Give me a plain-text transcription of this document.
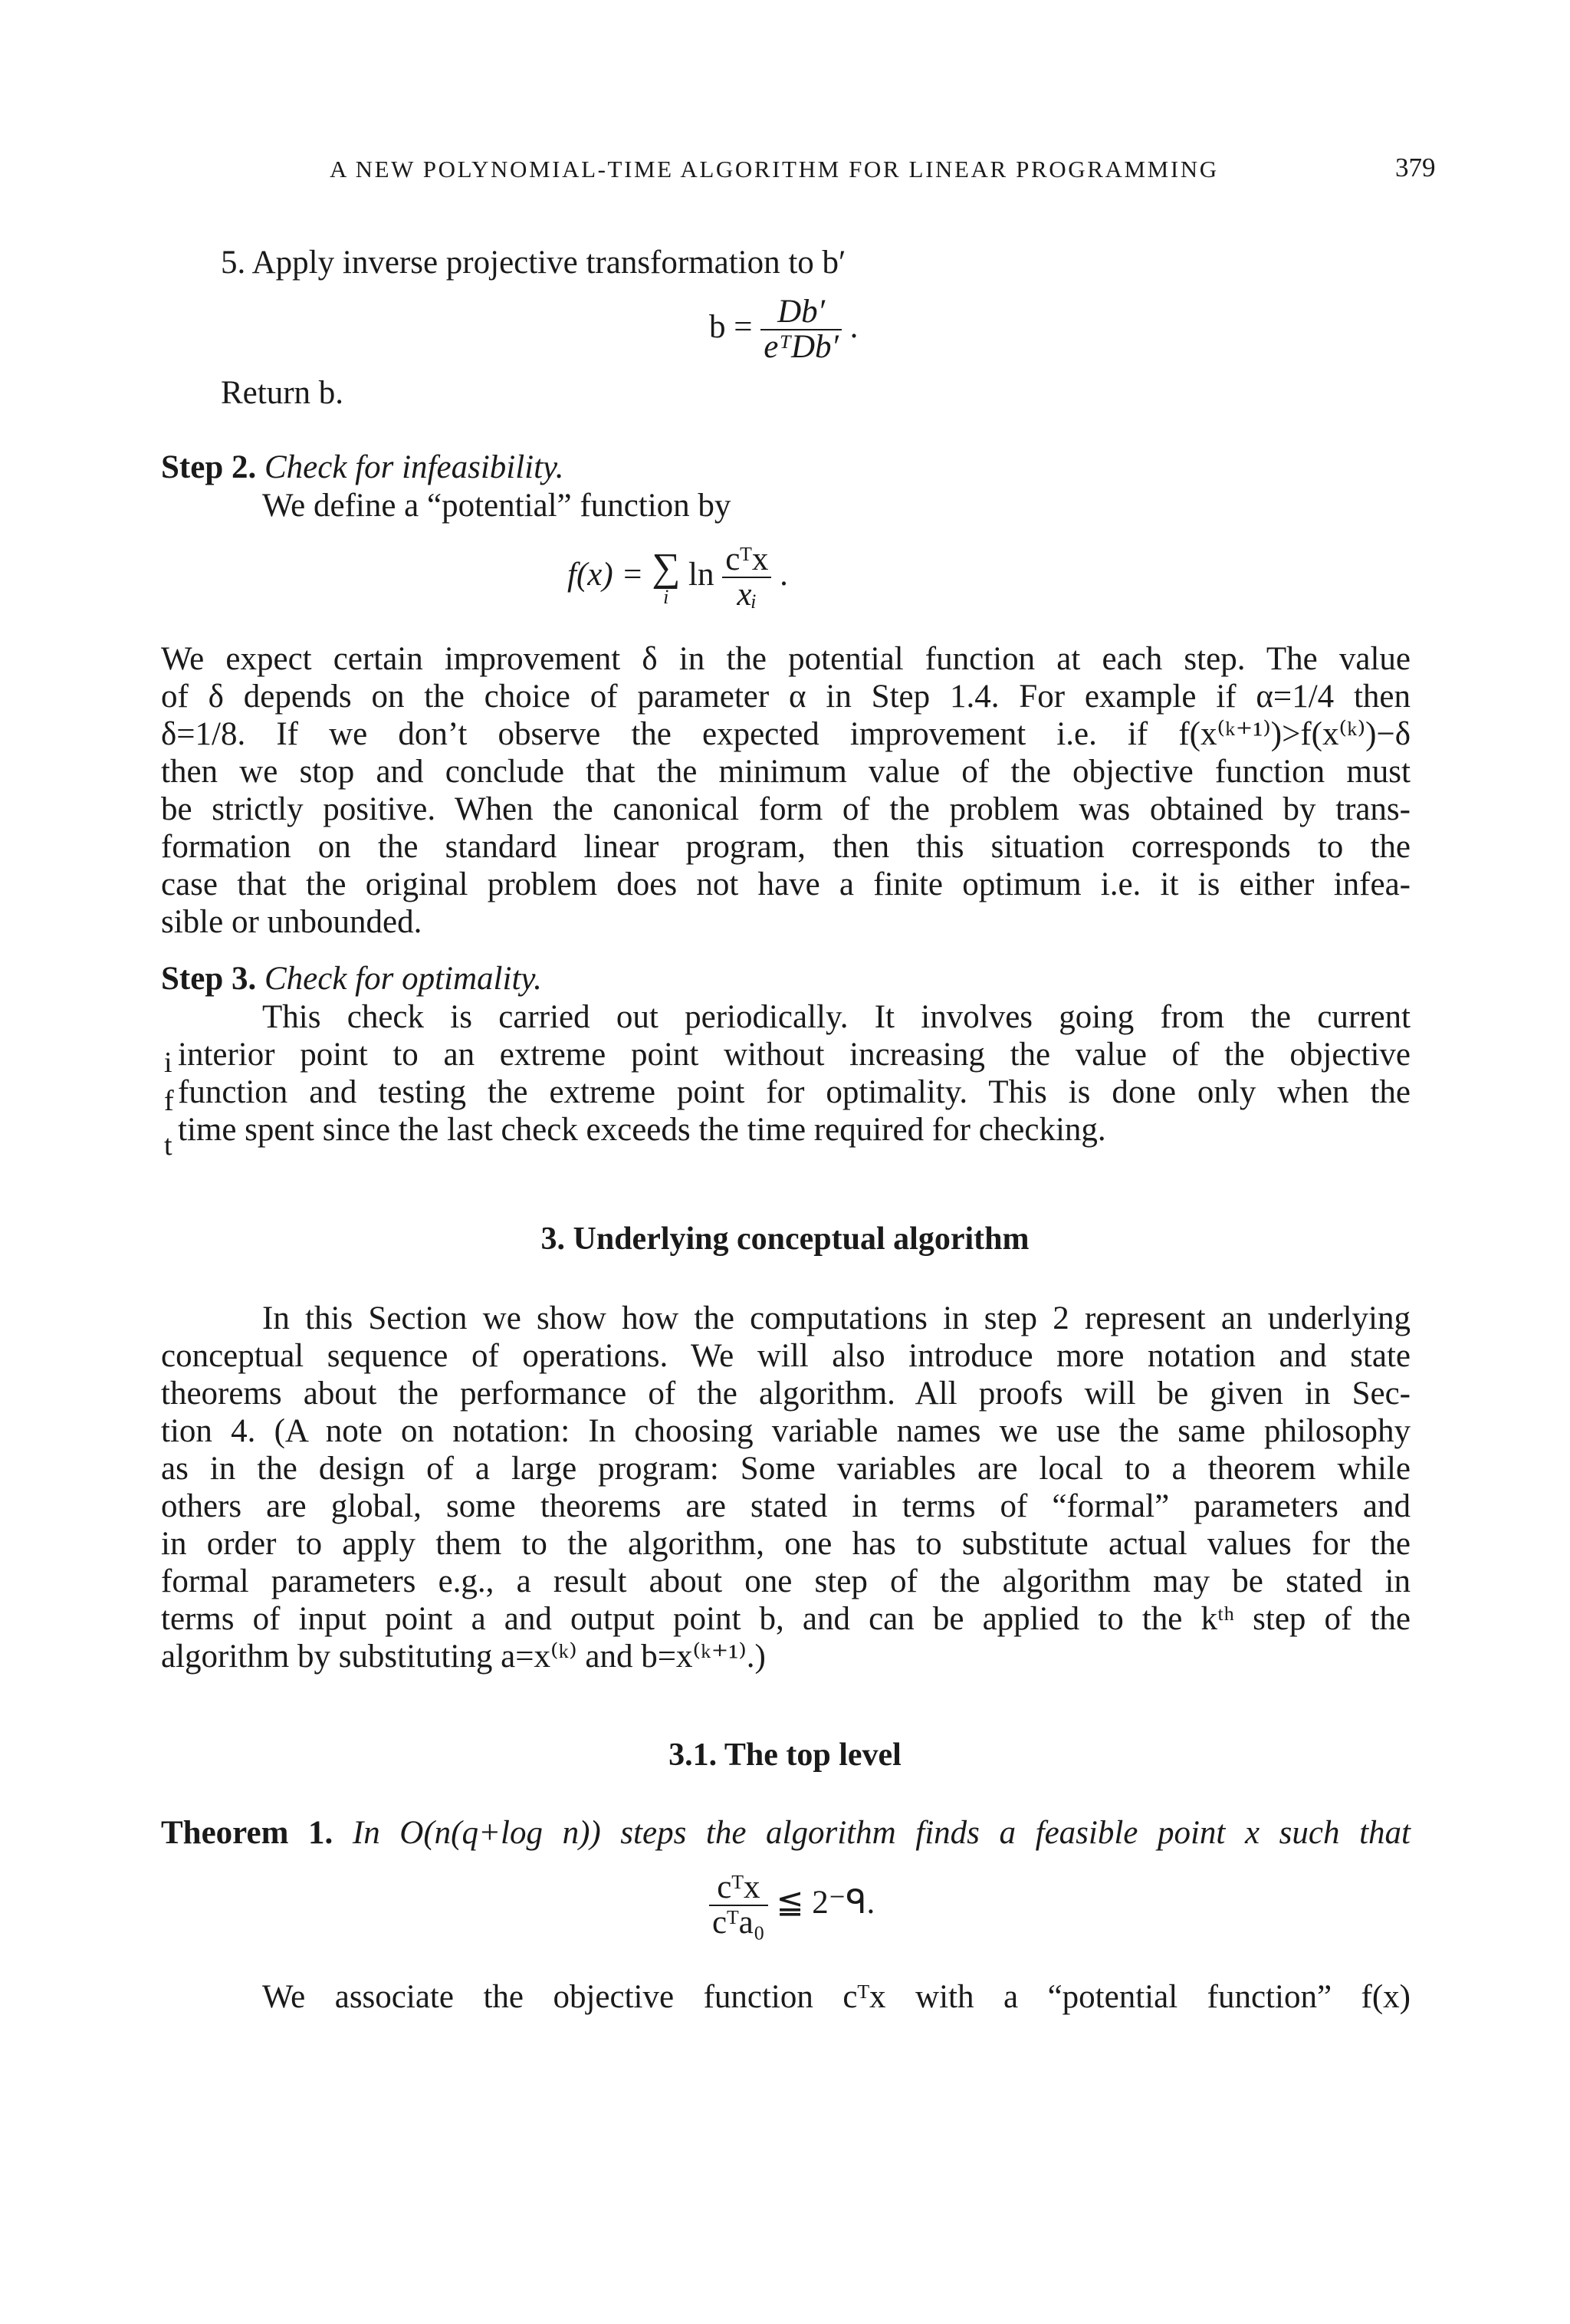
A NEW POLYNOMIAL-TIME ALGORITHM FOR LINEAR PROGRAMMING	379
5. Apply inverse projective transformation to b′
$b = \frac{Db'}{\text{eᵀDb′}}$ .
Return b.
Step 2. Check for infeasibility.
We define a “potential” function by
f(x) = ∑
i
$\ln \frac{\text{cᵀx}}{\text{xᵢ}}$ .
We expect certain improvement δ in the potential function at each step. The value
of δ depends on the choice of parameter α in Step 1.4. For example if α=1/4 then
δ=1/8. If we don’t observe the expected improvement i.e. if f(x⁽ᵏ⁺¹⁾)>f(x⁽ᵏ⁾)−δ
then we stop and conclude that the minimum value of the objective function must
be strictly positive. When the canonical form of the problem was obtained by trans-
formation on the standard linear program, then this situation corresponds to the
case that the original problem does not have a finite optimum i.e. it is either infea-
sible or unbounded.
Step 3. Check for optimality.
This check is carried out periodically. It involves going from the current
interior point to an extreme point without increasing the value of the objective
function and testing the extreme point for optimality. This is done only when the
time spent since the last check exceeds the time required for checking.
i
f
t
3. Underlying conceptual algorithm
In this Section we show how the computations in step 2 represent an underlying
conceptual sequence of operations. We will also introduce more notation and state
theorems about the performance of the algorithm. All proofs will be given in Sec-
tion 4. (A note on notation: In choosing variable names we use the same philosophy
as in the design of a large program: Some variables are local to a theorem while
others are global, some theorems are stated in terms of “formal” parameters and
in order to apply them to the algorithm, one has to substitute actual values for the
formal parameters e.g., a result about one step of the algorithm may be stated in
terms of input point a and output point b, and can be applied to the kᵗʰ step of the
algorithm by substituting a=x⁽ᵏ⁾ and b=x⁽ᵏ⁺¹⁾.)
3.1. The top level
Theorem 1. In O(n(q+log n)) steps the algorithm finds a feasible point x such that
$\frac{\text{cᵀx}}{\text{cᵀa₀}}$ ≦ 2⁻ᑫ.
We associate the objective function cᵀx with a “potential function” f(x)
